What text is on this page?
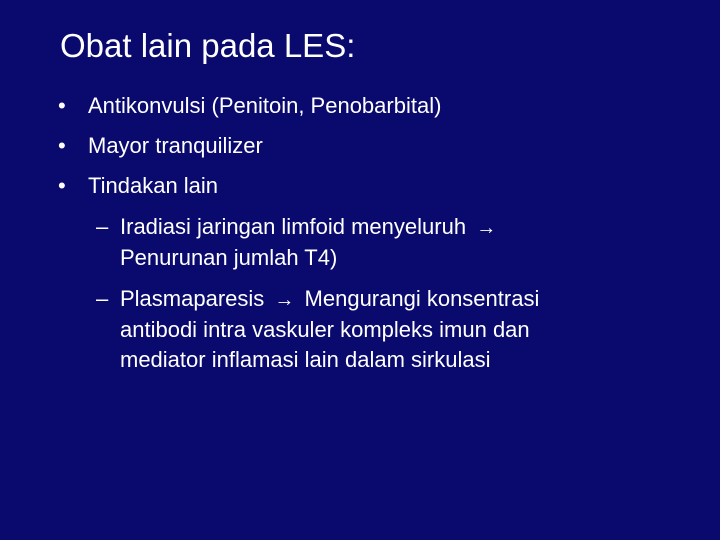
Obat lain pada LES:
• Antikonvulsi (Penitoin, Penobarbital)
• Mayor tranquilizer
• Tindakan lain
– Iradiasi jaringan limfoid menyeluruh →
Penurunan jumlah T4)
– Plasmaparesis → Mengurangi konsentrasi
antibodi intra vaskuler kompleks imun dan
mediator inflamasi lain dalam sirkulasi
